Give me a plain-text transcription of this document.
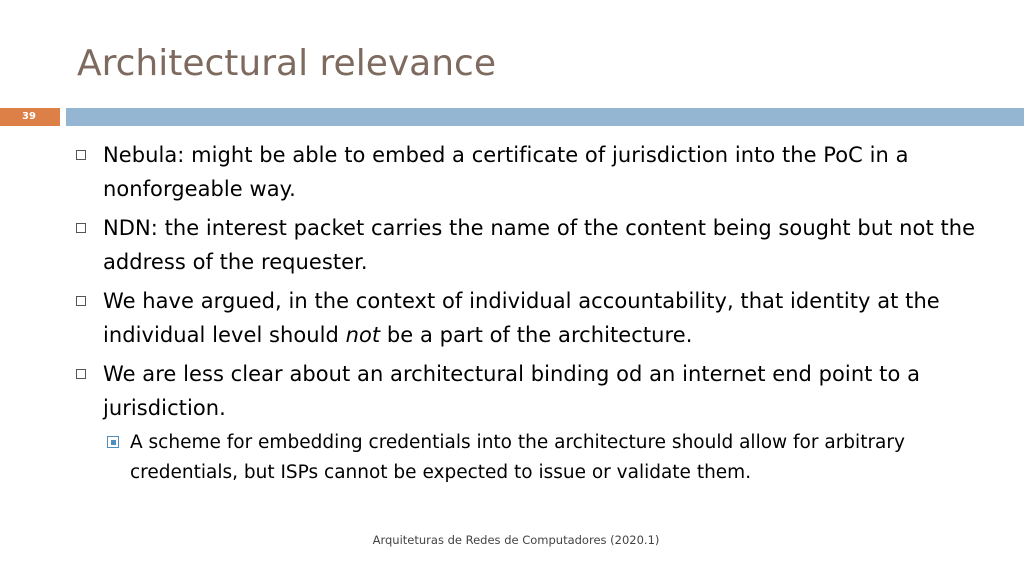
Architectural relevance
39
Nebula: might be able to embed a certificate of jurisdiction into the PoC in a nonforgeable way.
NDN: the interest packet carries the name of the content being sought but not the address of the requester.
We have argued, in the context of individual accountability, that identity at the individual level should not be a part of the architecture.
We are less clear about an architectural binding od an internet end point to a jurisdiction.
A scheme for embedding credentials into the architecture should allow for arbitrary credentials, but ISPs cannot be expected to issue or validate them.
Arquiteturas de Redes de Computadores (2020.1)
